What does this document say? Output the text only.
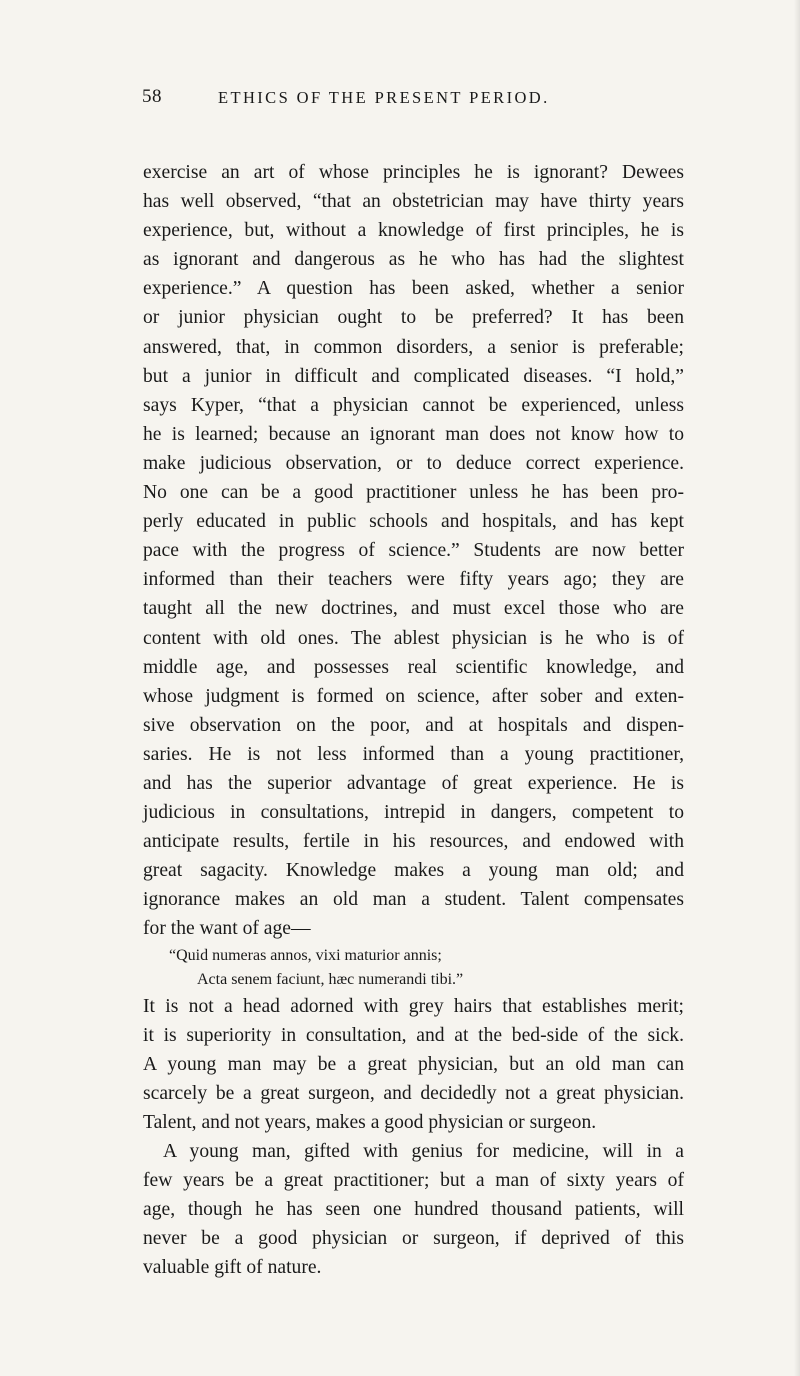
58	ETHICS OF THE PRESENT PERIOD.
exercise an art of whose principles he is ignorant? Dewees
has well observed, “that an obstetrician may have thirty years
experience, but, without a knowledge of first principles, he is
as ignorant and dangerous as he who has had the slightest
experience.” A question has been asked, whether a senior
or junior physician ought to be preferred? It has been
answered, that, in common disorders, a senior is preferable;
but a junior in difficult and complicated diseases. “I hold,”
says Kyper, “that a physician cannot be experienced, unless
he is learned; because an ignorant man does not know how to
make judicious observation, or to deduce correct experience.
No one can be a good practitioner unless he has been pro-
perly educated in public schools and hospitals, and has kept
pace with the progress of science.” Students are now better
informed than their teachers were fifty years ago; they are
taught all the new doctrines, and must excel those who are
content with old ones. The ablest physician is he who is of
middle age, and possesses real scientific knowledge, and
whose judgment is formed on science, after sober and exten-
sive observation on the poor, and at hospitals and dispen-
saries. He is not less informed than a young practitioner,
and has the superior advantage of great experience. He is
judicious in consultations, intrepid in dangers, competent to
anticipate results, fertile in his resources, and endowed with
great sagacity. Knowledge makes a young man old; and
ignorance makes an old man a student. Talent compensates
for the want of age—
“Quid numeras annos, vixi maturior annis;
Acta senem faciunt, hæc numerandi tibi.”
It is not a head adorned with grey hairs that establishes merit;
it is superiority in consultation, and at the bed-side of the sick.
A young man may be a great physician, but an old man can
scarcely be a great surgeon, and decidedly not a great physician.
Talent, and not years, makes a good physician or surgeon.
A young man, gifted with genius for medicine, will in a
few years be a great practitioner; but a man of sixty years of
age, though he has seen one hundred thousand patients, will
never be a good physician or surgeon, if deprived of this
valuable gift of nature.
